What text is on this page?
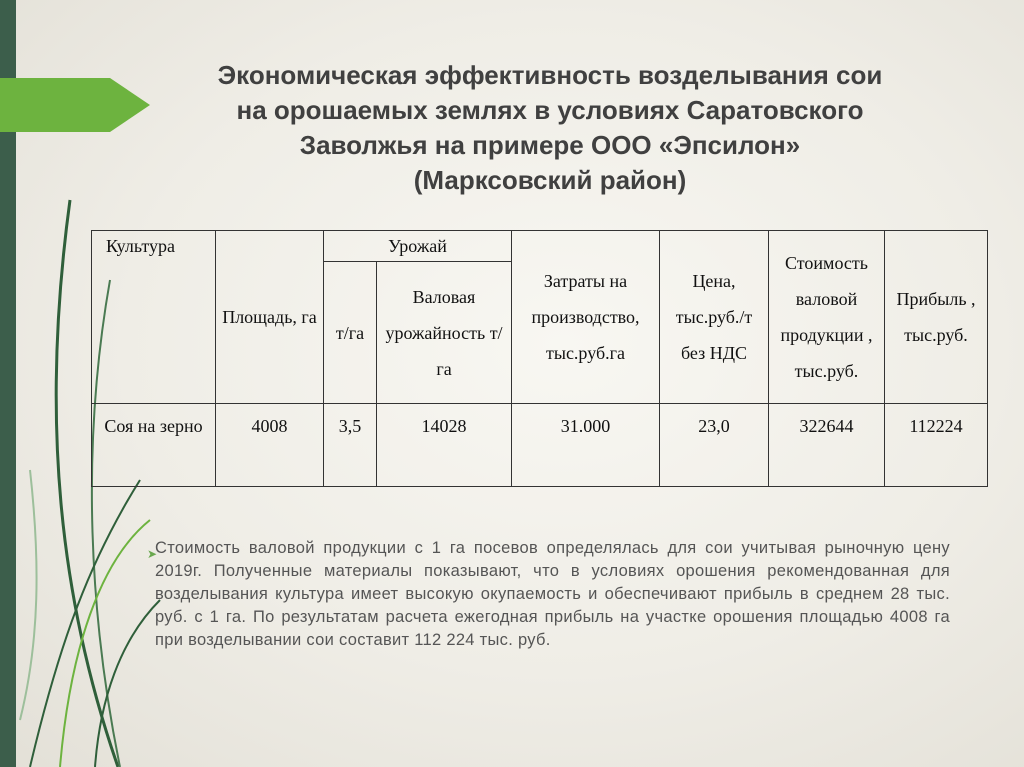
Экономическая эффективность возделывания сои
на орошаемых землях в условиях Саратовского
Заволжья на примере ООО «Эпсилон»
(Марксовский район)
Культура	Площадь, га	Урожай		Затраты на производство, тыс.руб.га	Цена, тыс.руб./т без НДС	Стоимость валовой продукции , тыс.руб.	Прибыль , тыс.руб.
		т/га	Валовая урожайность т/га				
Соя на зерно	4008	3,5	14028	31.000	23,0	322644	112224
➤
Стоимость валовой продукции с 1 га посевов определялась для сои учитывая рыночную цену 2019г. Полученные материалы показывают, что в условиях орошения рекомендованная для возделывания культура имеет высокую окупаемость и обеспечивают прибыль в среднем 28 тыс. руб. с 1 га. По результатам расчета ежегодная прибыль на участке орошения площадью 4008 га при возделывании сои составит 112 224 тыс. руб.
